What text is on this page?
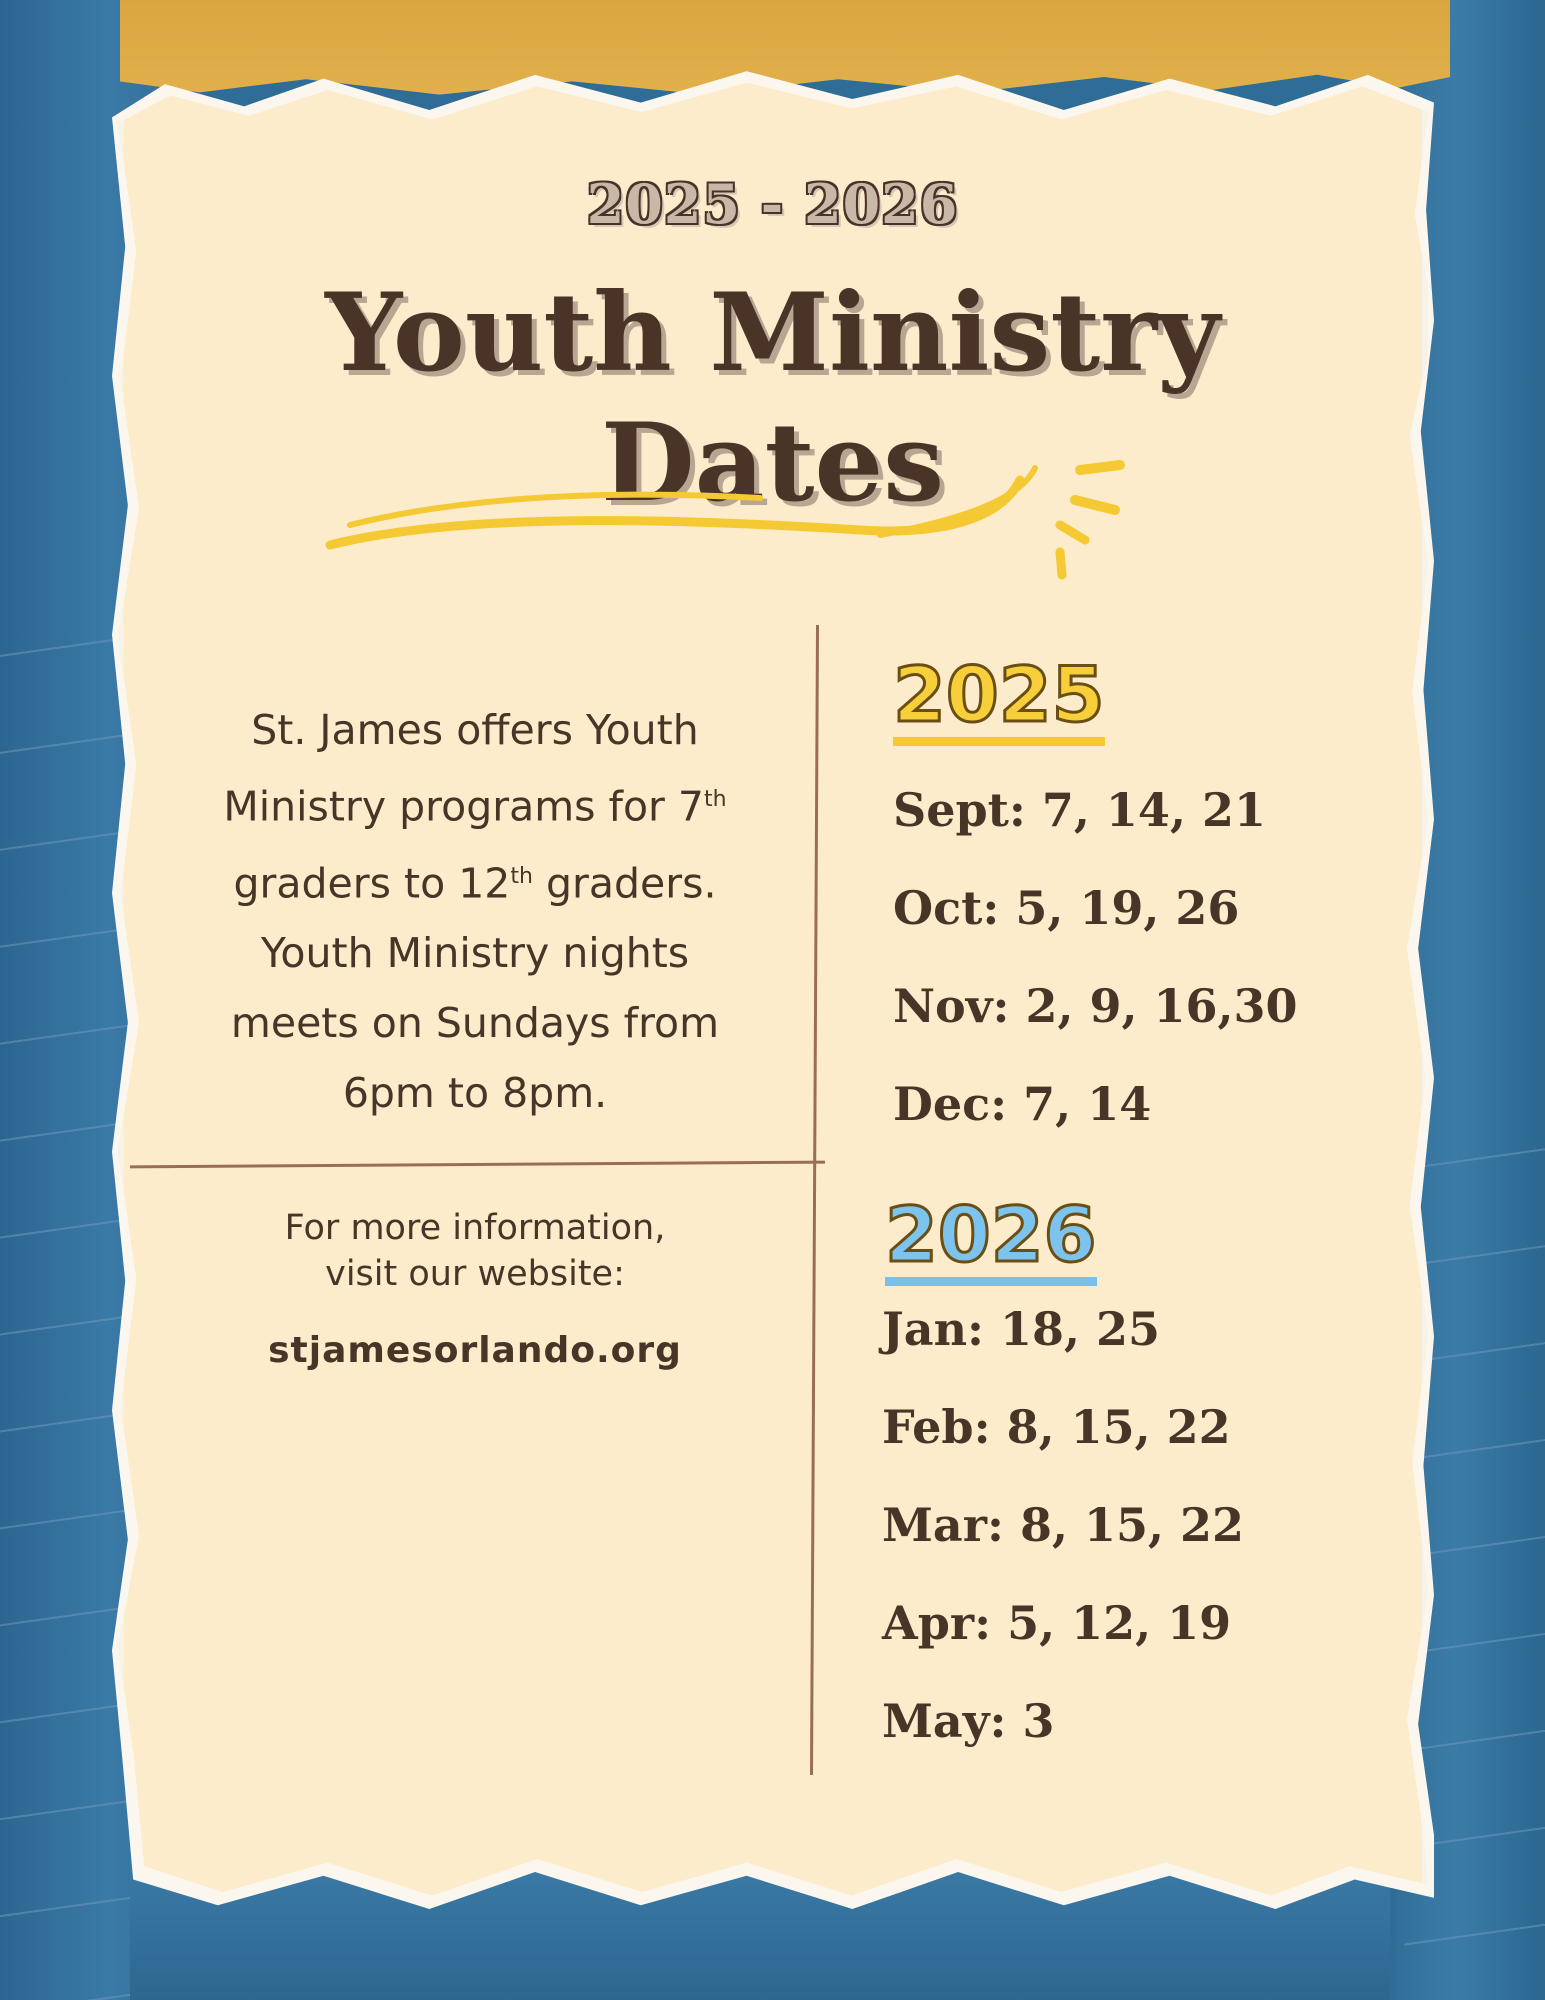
2025 - 2026
Youth Ministry
Dates
St. James offers Youth
Ministry programs for 7th
graders to 12th graders.
Youth Ministry nights
meets on Sundays from
6pm to 8pm.
For more information,
visit our website:
stjamesorlando.org
2025
Sept: 7, 14, 21
Oct: 5, 19, 26
Nov: 2, 9, 16,30
Dec: 7, 14
2026
Jan: 18, 25
Feb: 8, 15, 22
Mar: 8, 15, 22
Apr: 5, 12, 19
May: 3
